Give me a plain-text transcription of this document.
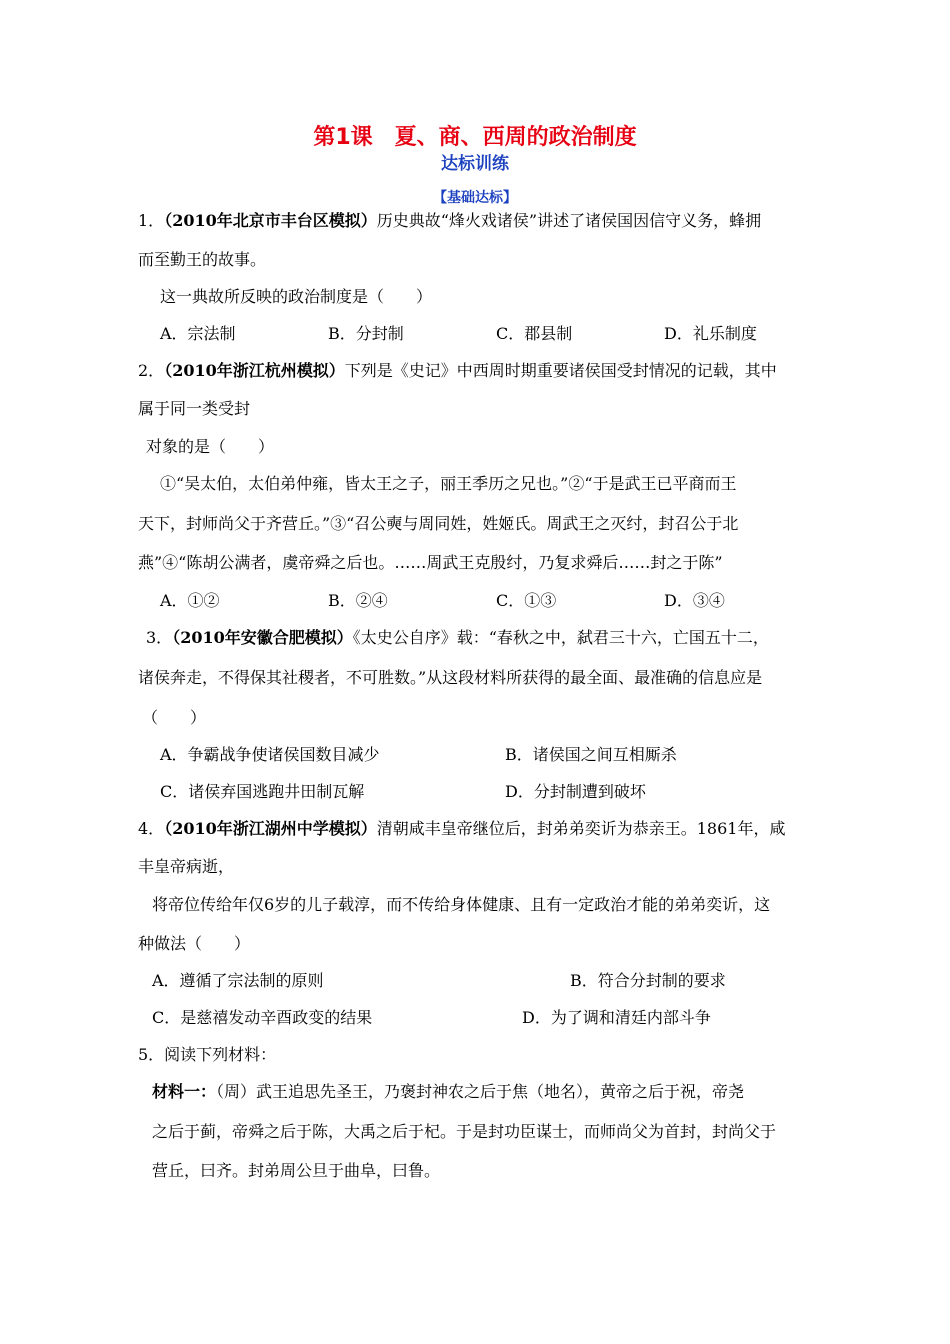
第1课　夏、商、西周的政治制度
达标训练
【基础达标】
1．（2010年北京市丰台区模拟）历史典故“烽火戏诸侯”讲述了诸侯国因信守义务，蜂拥
而至勤王的故事。
这一典故所反映的政治制度是（　　）
A．宗法制	B．分封制	C．郡县制	D．礼乐制度
2．（2010年浙江杭州模拟）下列是《史记》中西周时期重要诸侯国受封情况的记载，其中
属于同一类受封
对象的是（　　）
①“吴太伯，太伯弟仲雍，皆太王之子，丽王季历之兄也。”②“于是武王已平商而王
天下，封师尚父于齐营丘。”③“召公奭与周同姓，姓姬氏。周武王之灭纣，封召公于北
燕”④“陈胡公满者，虞帝舜之后也。……周武王克殷纣，乃复求舜后……封之于陈”
A．①②	B．②④	C．①③	D．③④
3．（2010年安徽合肥模拟）《太史公自序》载：“春秋之中，弑君三十六，亡国五十二，
诸侯奔走，不得保其社稷者，不可胜数。”从这段材料所获得的最全面、最准确的信息应是
（　　）
A．争霸战争使诸侯国数目减少	B．诸侯国之间互相厮杀
C．诸侯弃国逃跑井田制瓦解	D．分封制遭到破坏
4．（2010年浙江湖州中学模拟）清朝咸丰皇帝继位后，封弟弟奕䜣为恭亲王。1861年，咸
丰皇帝病逝，
将帝位传给年仅6岁的儿子载淳，而不传给身体健康、且有一定政治才能的弟弟奕䜣，这
种做法（　　）
A．遵循了宗法制的原则	B．符合分封制的要求
C．是慈禧发动辛酉政变的结果	D．为了调和清廷内部斗争
5．阅读下列材料：
材料一：（周）武王追思先圣王，乃褒封神农之后于焦（地名），黄帝之后于祝，帝尧
之后于蓟，帝舜之后于陈，大禹之后于杞。于是封功臣谋士，而师尚父为首封，封尚父于
营丘，曰齐。封弟周公旦于曲阜，曰鲁。
